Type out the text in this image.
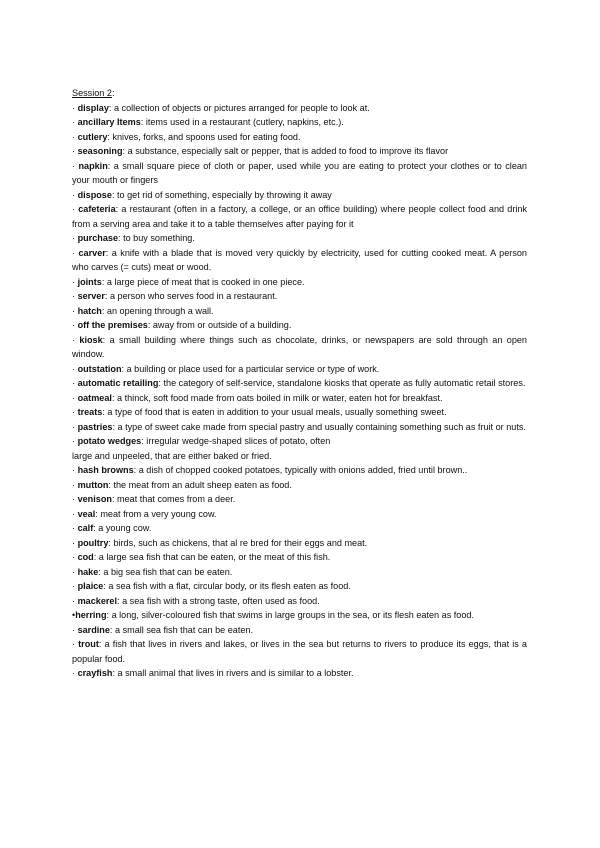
Session 2:
· display: a collection of objects or pictures arranged for people to look at.
· ancillary Items: items used in a restaurant (cutlery, napkins, etc.).
· cutlery: knives, forks, and spoons used for eating food.
· seasoning: a substance, especially salt or pepper, that is added to food to improve its flavor
· napkin: a small square piece of cloth or paper, used while you are eating to protect your clothes or to clean your mouth or fingers
· dispose: to get rid of something, especially by throwing it away
· cafeteria: a restaurant (often in a factory, a college, or an office building) where people collect food and drink from a serving area and take it to a table themselves after paying for it
· purchase: to buy something.
· carver: a knife with a blade that is moved very quickly by electricity, used for cutting cooked meat. A person who carves (= cuts) meat or wood.
· joints: a large piece of meat that is cooked in one piece.
· server: a person who serves food in a restaurant.
· hatch: an opening through a wall.
· off the premises: away from or outside of a building.
· kiosk: a small building where things such as chocolate, drinks, or newspapers are sold through an open window.
· outstation: a building or place used for a particular service or type of work.
· automatic retailing: the category of self-service, standalone kiosks that operate as fully automatic retail stores.
· oatmeal: a thinck, soft food made from oats boiled in milk or water, eaten hot for breakfast.
· treats: a type of food that is eaten in addition to your usual meals, usually something sweet.
· pastries: a type of sweet cake made from special pastry and usually containing something such as fruit or nuts.
· potato wedges: irregular wedge-shaped slices of potato, often
large and unpeeled, that are either baked or fried.
· hash browns: a dish of chopped cooked potatoes, typically with onions added, fried until brown..
· mutton: the meat from an adult sheep eaten as food.
· venison: meat that comes from a deer.
· veal: meat from a very young cow.
· calf: a young cow.
· poultry: birds, such as chickens, that al re bred for their eggs and meat.
· cod: a large sea fish that can be eaten, or the meat of this fish.
· hake: a big sea fish that can be eaten.
· plaice: a sea fish with a flat, circular body, or its flesh eaten as food.
· mackerel: a sea fish with a strong taste, often used as food.
•herring: a long, silver-coloured fish that swims in large groups in the sea, or its flesh eaten as food.
· sardine: a small sea fish that can be eaten.
· trout: a fish that lives in rivers and lakes, or lives in the sea but returns to rivers to produce its eggs, that is a popular food.
· crayfish: a small animal that lives in rivers and is similar to a lobster.
